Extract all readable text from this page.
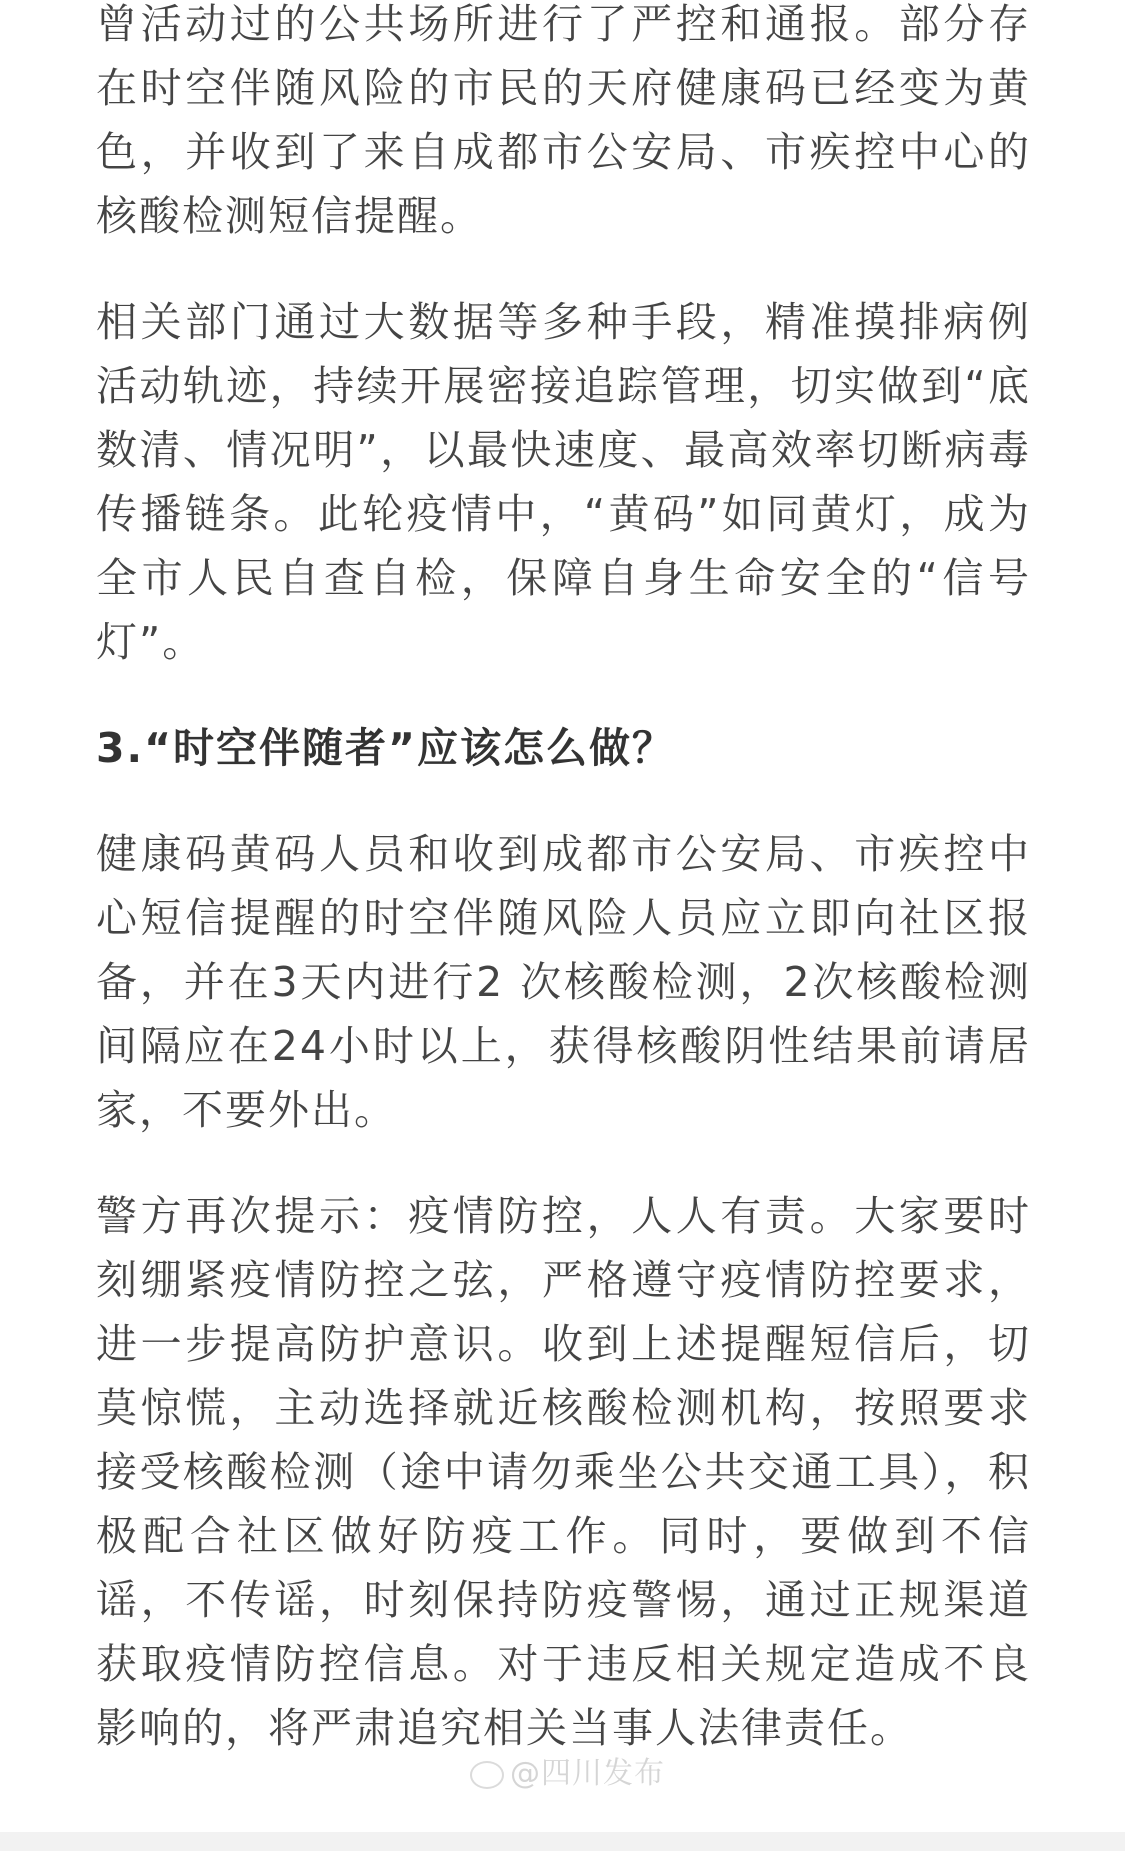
曾活动过的公共场所进行了严控和通报。部分存在时空伴随风险的市民的天府健康码已经变为黄色，并收到了来自成都市公安局、市疾控中心的核酸检测短信提醒。

相关部门通过大数据等多种手段，精准摸排病例活动轨迹，持续开展密接追踪管理，切实做到“底数清、情况明”，以最快速度、最高效率切断病毒传播链条。此轮疫情中，“黄码”如同黄灯，成为全市人民自查自检，保障自身生命安全的“信号灯”。

3.“时空伴随者”应该怎么做？

健康码黄码人员和收到成都市公安局、市疾控中心短信提醒的时空伴随风险人员应立即向社区报备，并在3天内进行2 次核酸检测，2次核酸检测间隔应在24小时以上，获得核酸阴性结果前请居家，不要外出。

警方再次提示：疫情防控，人人有责。大家要时刻绷紧疫情防控之弦，严格遵守疫情防控要求，进一步提高防护意识。收到上述提醒短信后，切莫惊慌，主动选择就近核酸检测机构，按照要求接受核酸检测（途中请勿乘坐公共交通工具），积极配合社区做好防疫工作。同时，要做到不信谣，不传谣，时刻保持防疫警惕，通过正规渠道获取疫情防控信息。对于违反相关规定造成不良影响的，将严肃追究相关当事人法律责任。

@四川发布
